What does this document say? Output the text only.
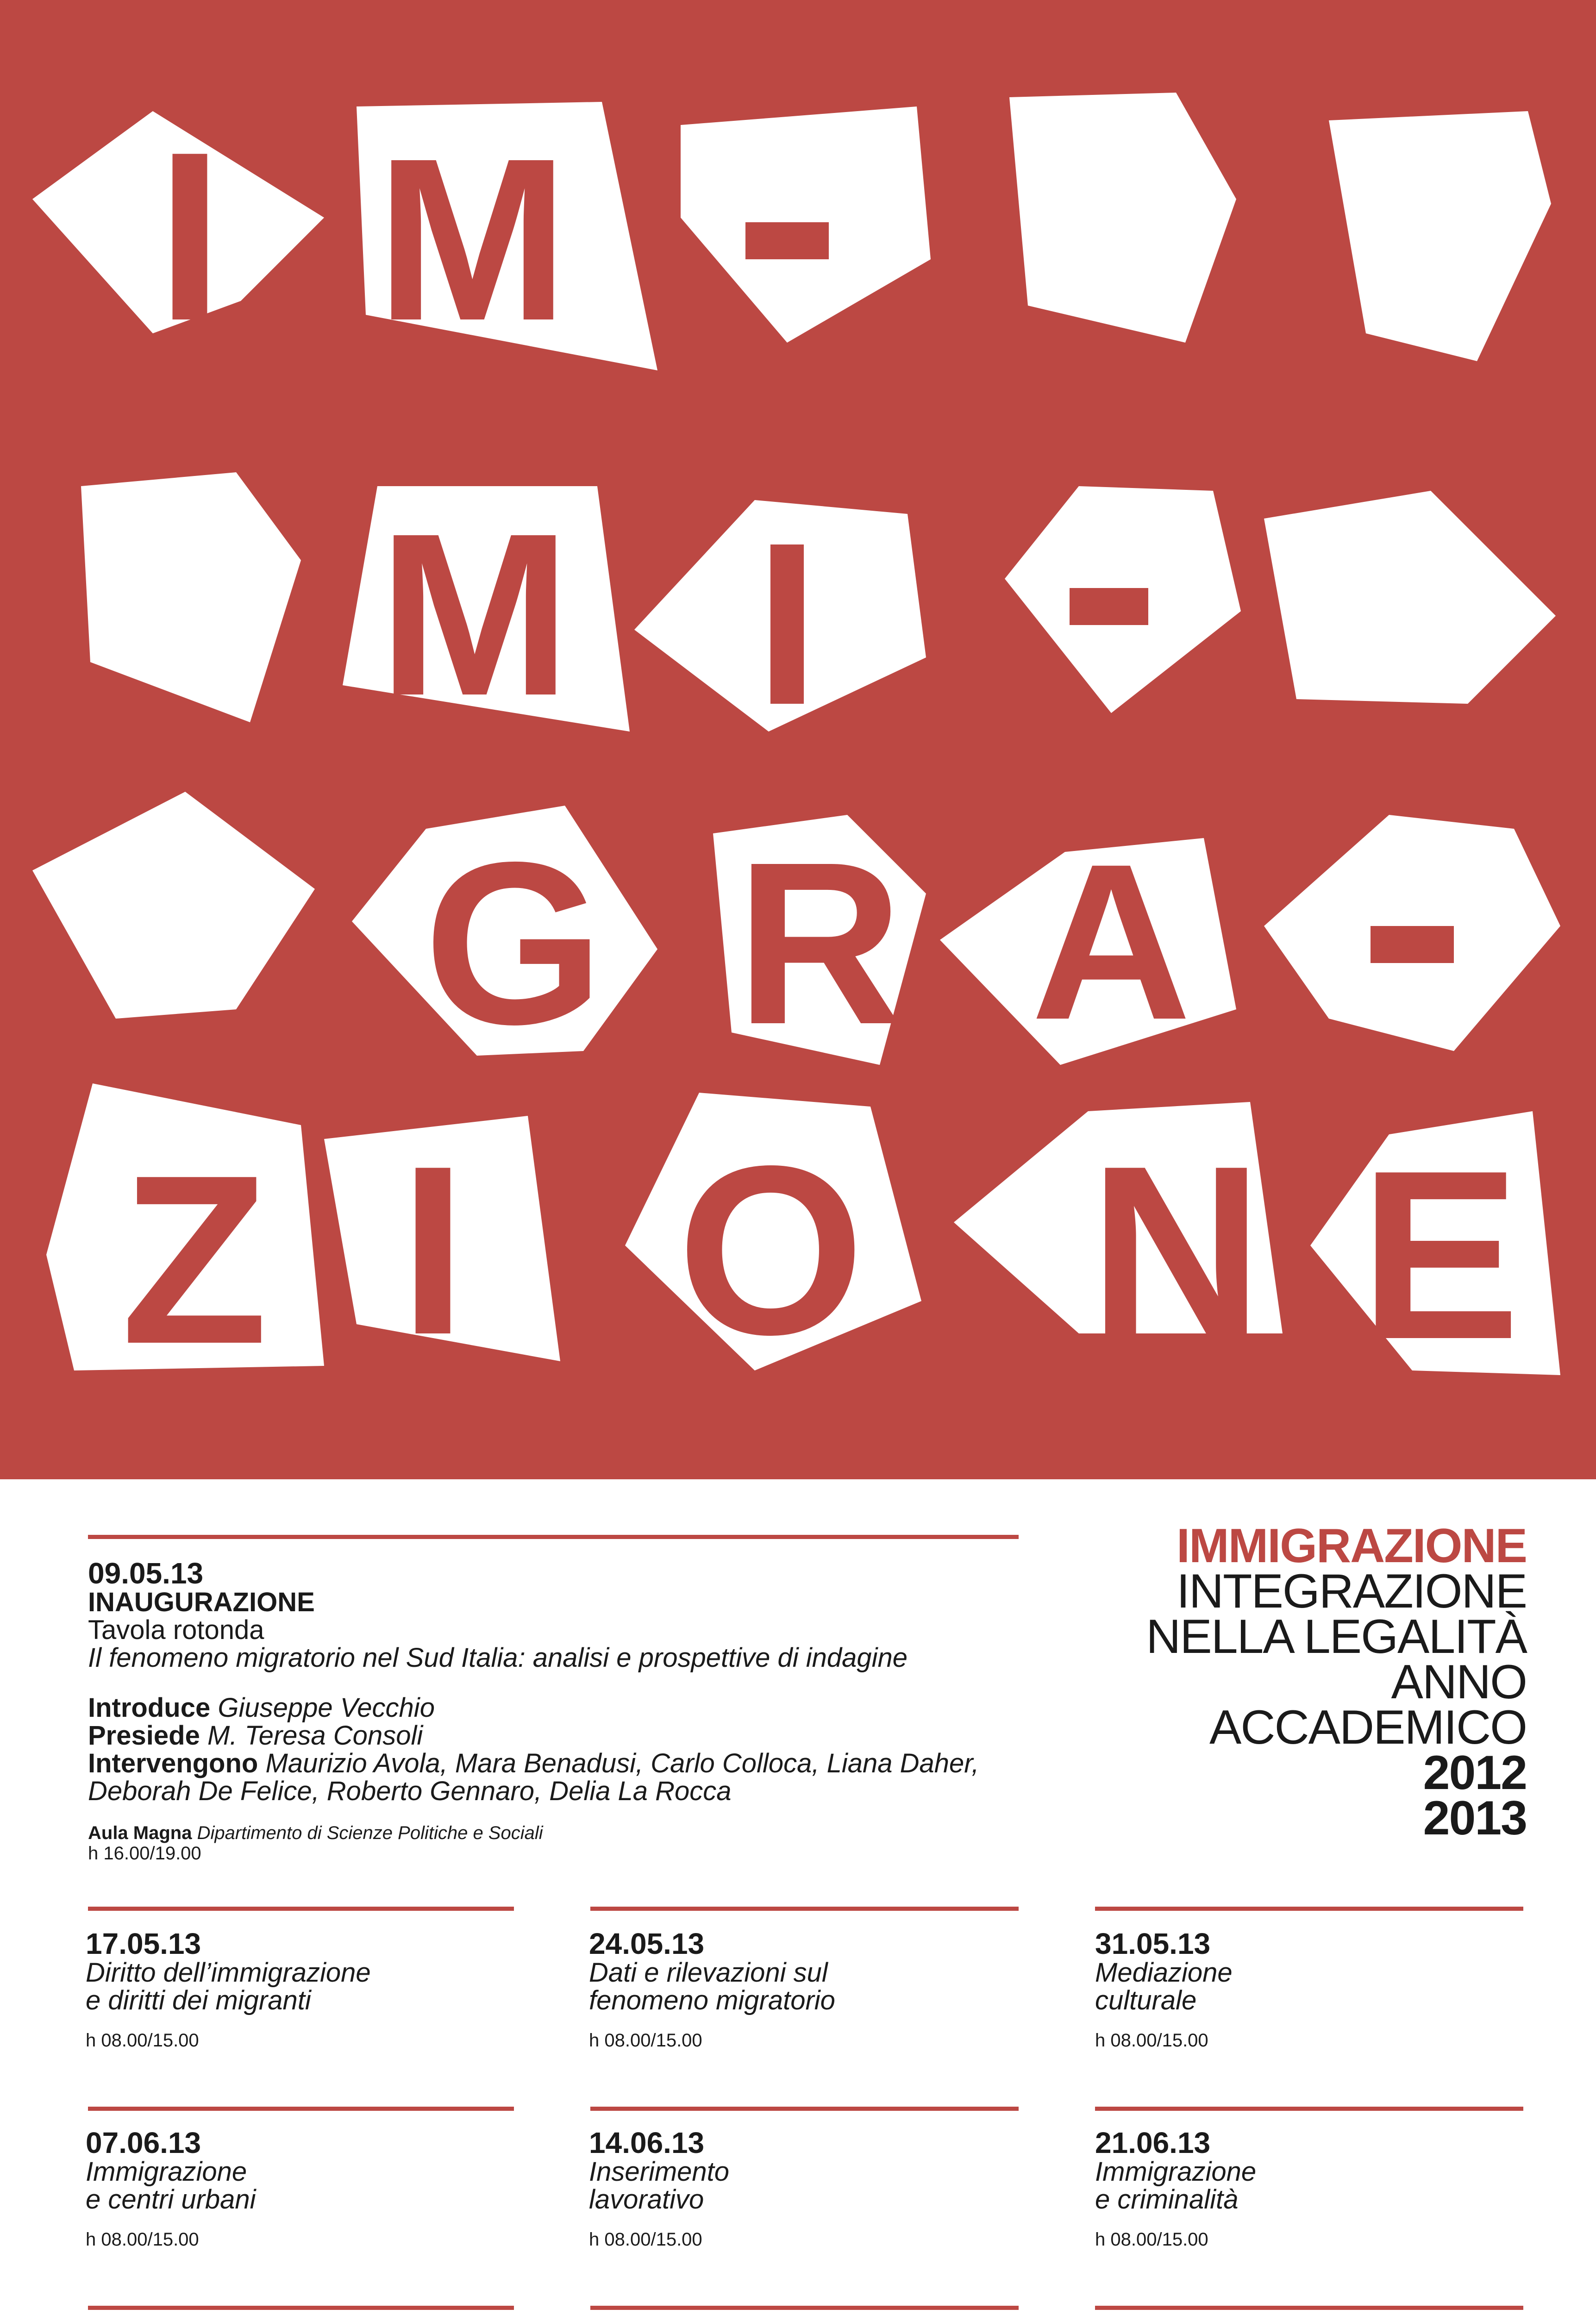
I M
M I
G R A
Z I O N E
IMMIGRAZIONE
INTEGRAZIONE
NELLA LEGALITÀ
ANNO
ACCADEMICO
2012
2013
09.05.13
INAUGURAZIONE
Tavola rotonda
Il fenomeno migratorio nel Sud Italia: analisi e prospettive di indagine
Introduce Giuseppe Vecchio
Presiede M. Teresa Consoli
Intervengono Maurizio Avola, Mara Benadusi, Carlo Colloca, Liana Daher,
Deborah De Felice, Roberto Gennaro, Delia La Rocca
Aula Magna Dipartimento di Scienze Politiche e Sociali
h 16.00/19.00
17.05.13
Diritto dell’immigrazione
e diritti dei migranti
h 08.00/15.00
24.05.13
Dati e rilevazioni sul
fenomeno migratorio
h 08.00/15.00
31.05.13
Mediazione
culturale
h 08.00/15.00
07.06.13
Immigrazione
e centri urbani
h 08.00/15.00
14.06.13
Inserimento
lavorativo
h 08.00/15.00
21.06.13
Immigrazione
e criminalità
h 08.00/15.00
